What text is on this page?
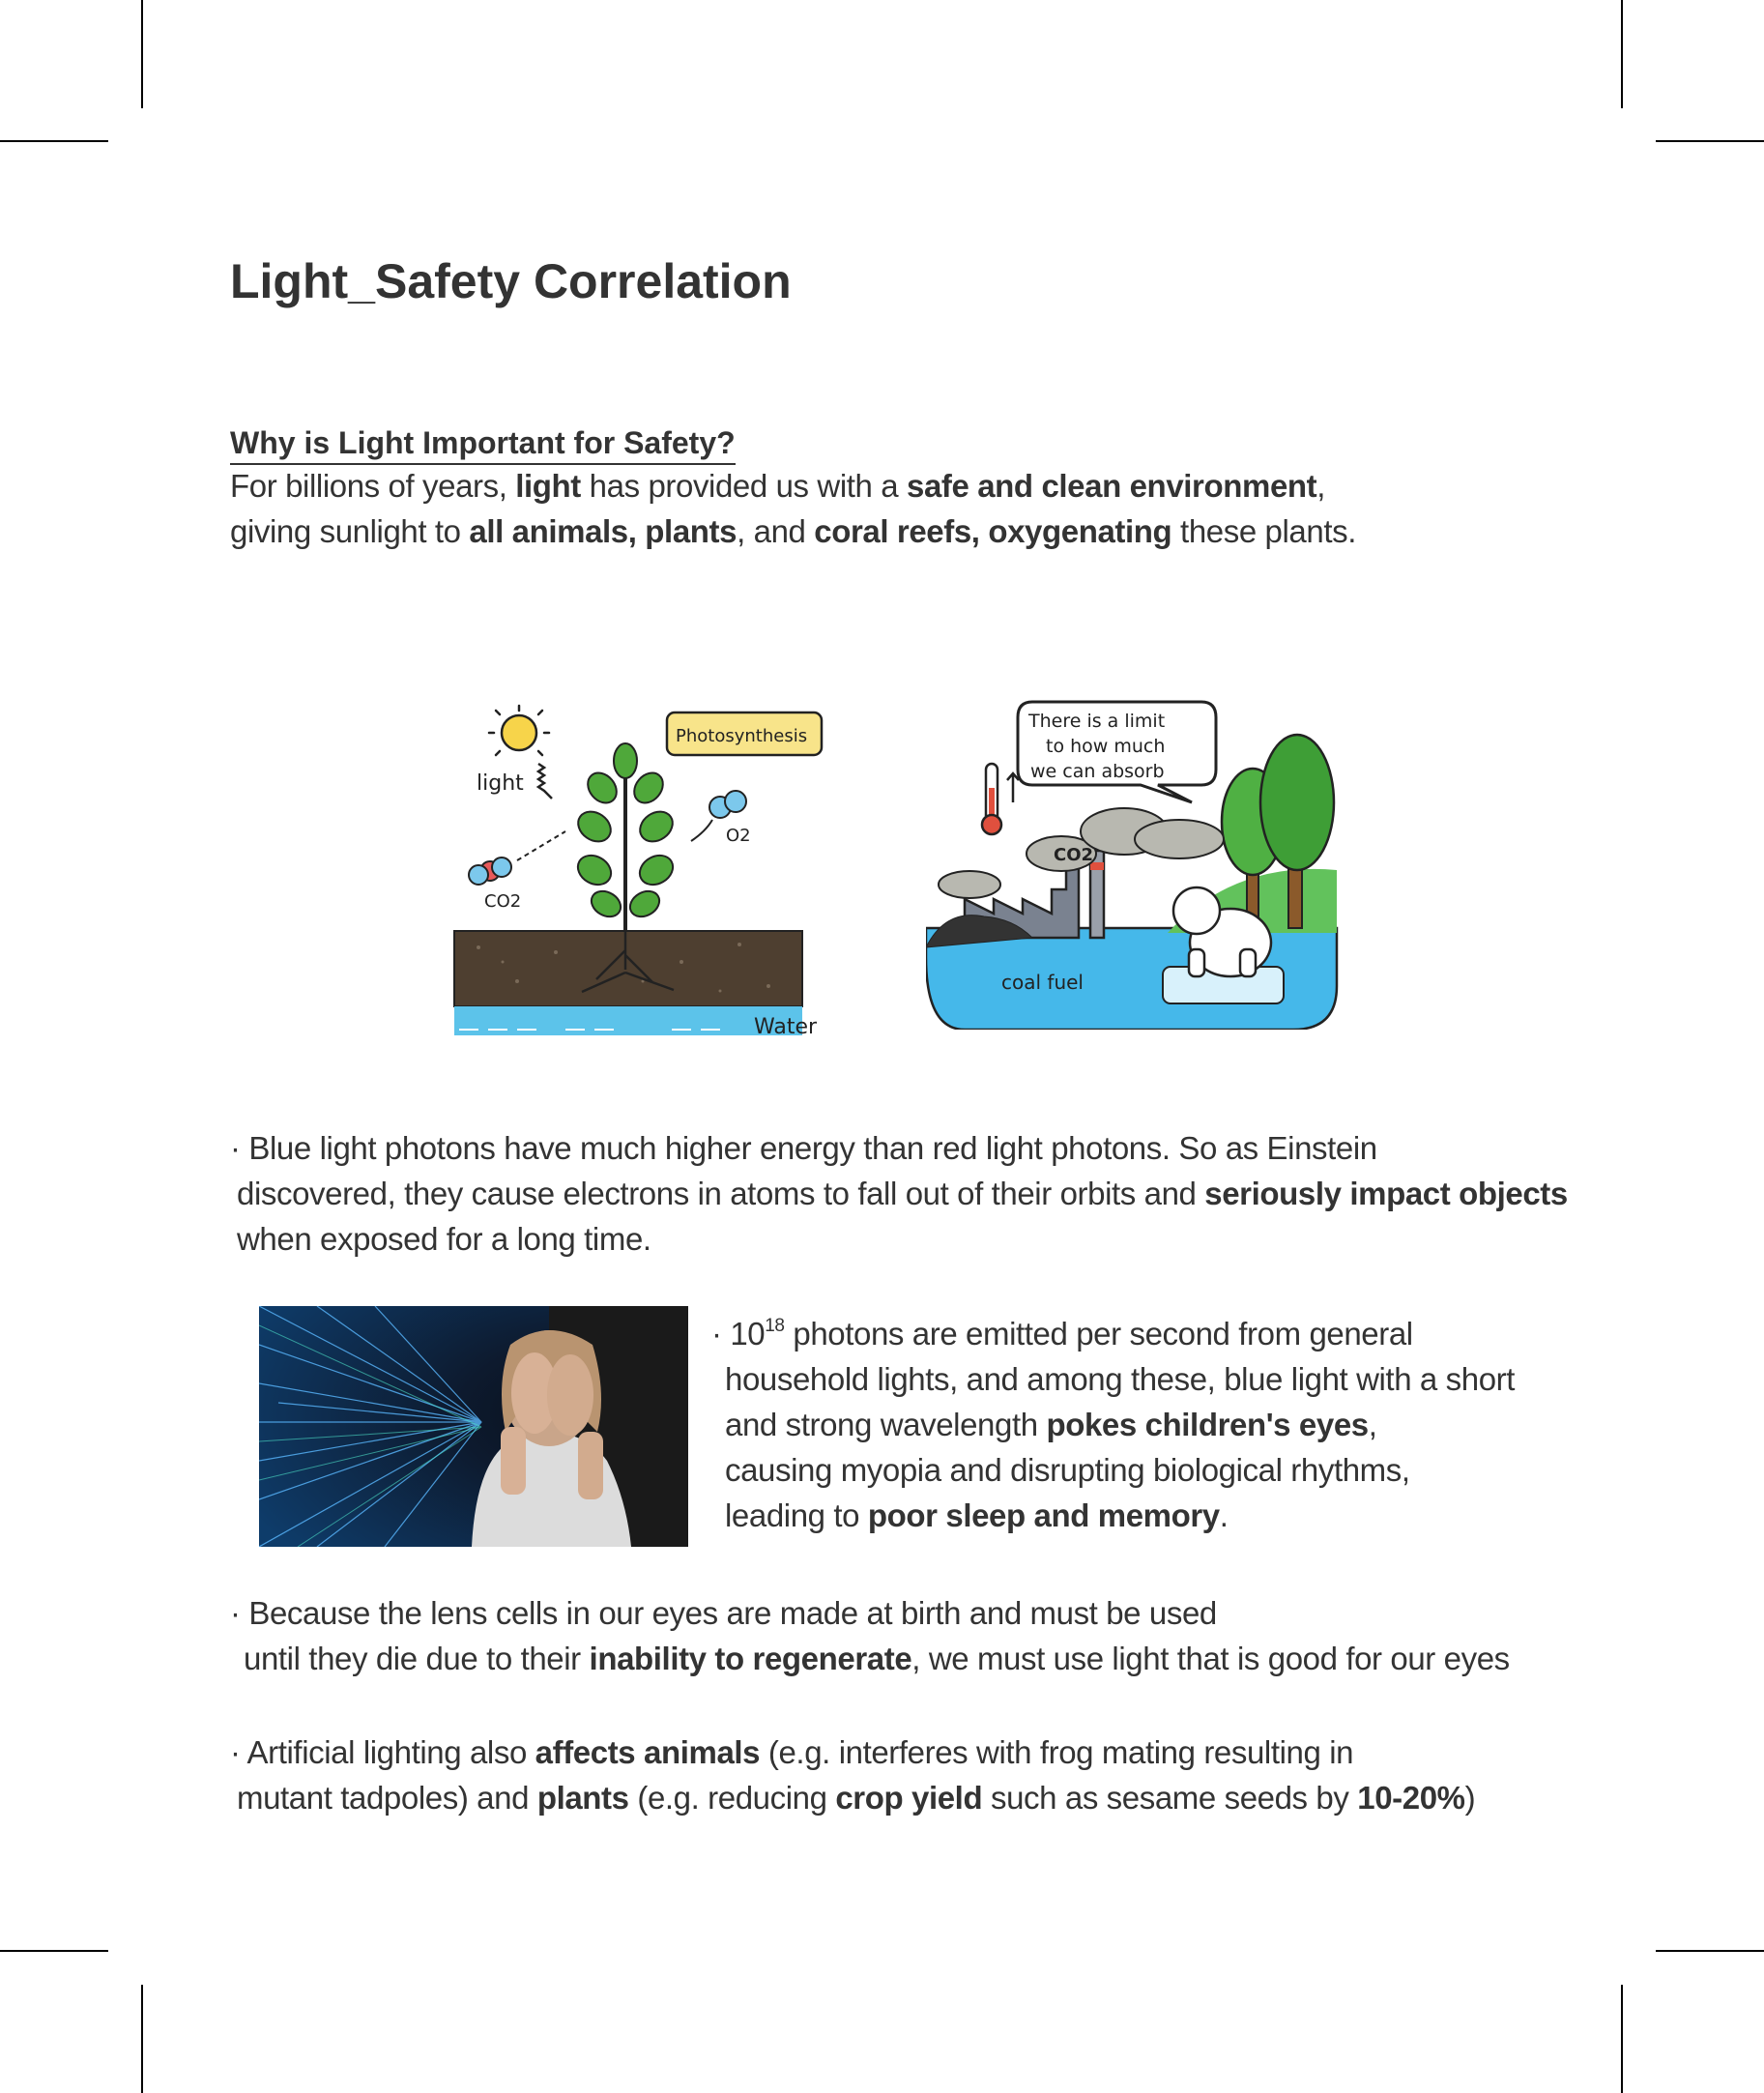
Light_Safety Correlation
Why is Light Important for Safety?
For billions of years, light has provided us with a safe and clean environment,
giving sunlight to all animals, plants, and coral reefs, oxygenating these plants.
light
Photosynthesis
Water
O2
CO2
CO2
There is a limit
to how much
we can absorb
coal fuel
· Blue light photons have much higher energy than red light photons. So as Einstein
discovered, they cause electrons in atoms to fall out of their orbits and seriously impact objects
when exposed for a long time.
· $10^{18}$ photons are emitted per second from general
household lights, and among these, blue light with a short
and strong wavelength pokes children's eyes,
causing myopia and disrupting biological rhythms,
leading to poor sleep and memory.
· Because the lens cells in our eyes are made at birth and must be used
until they die due to their inability to regenerate, we must use light that is good for our eyes
· Artificial lighting also affects animals (e.g. interferes with frog mating resulting in
mutant tadpoles) and plants (e.g. reducing crop yield such as sesame seeds by 10-20%)
